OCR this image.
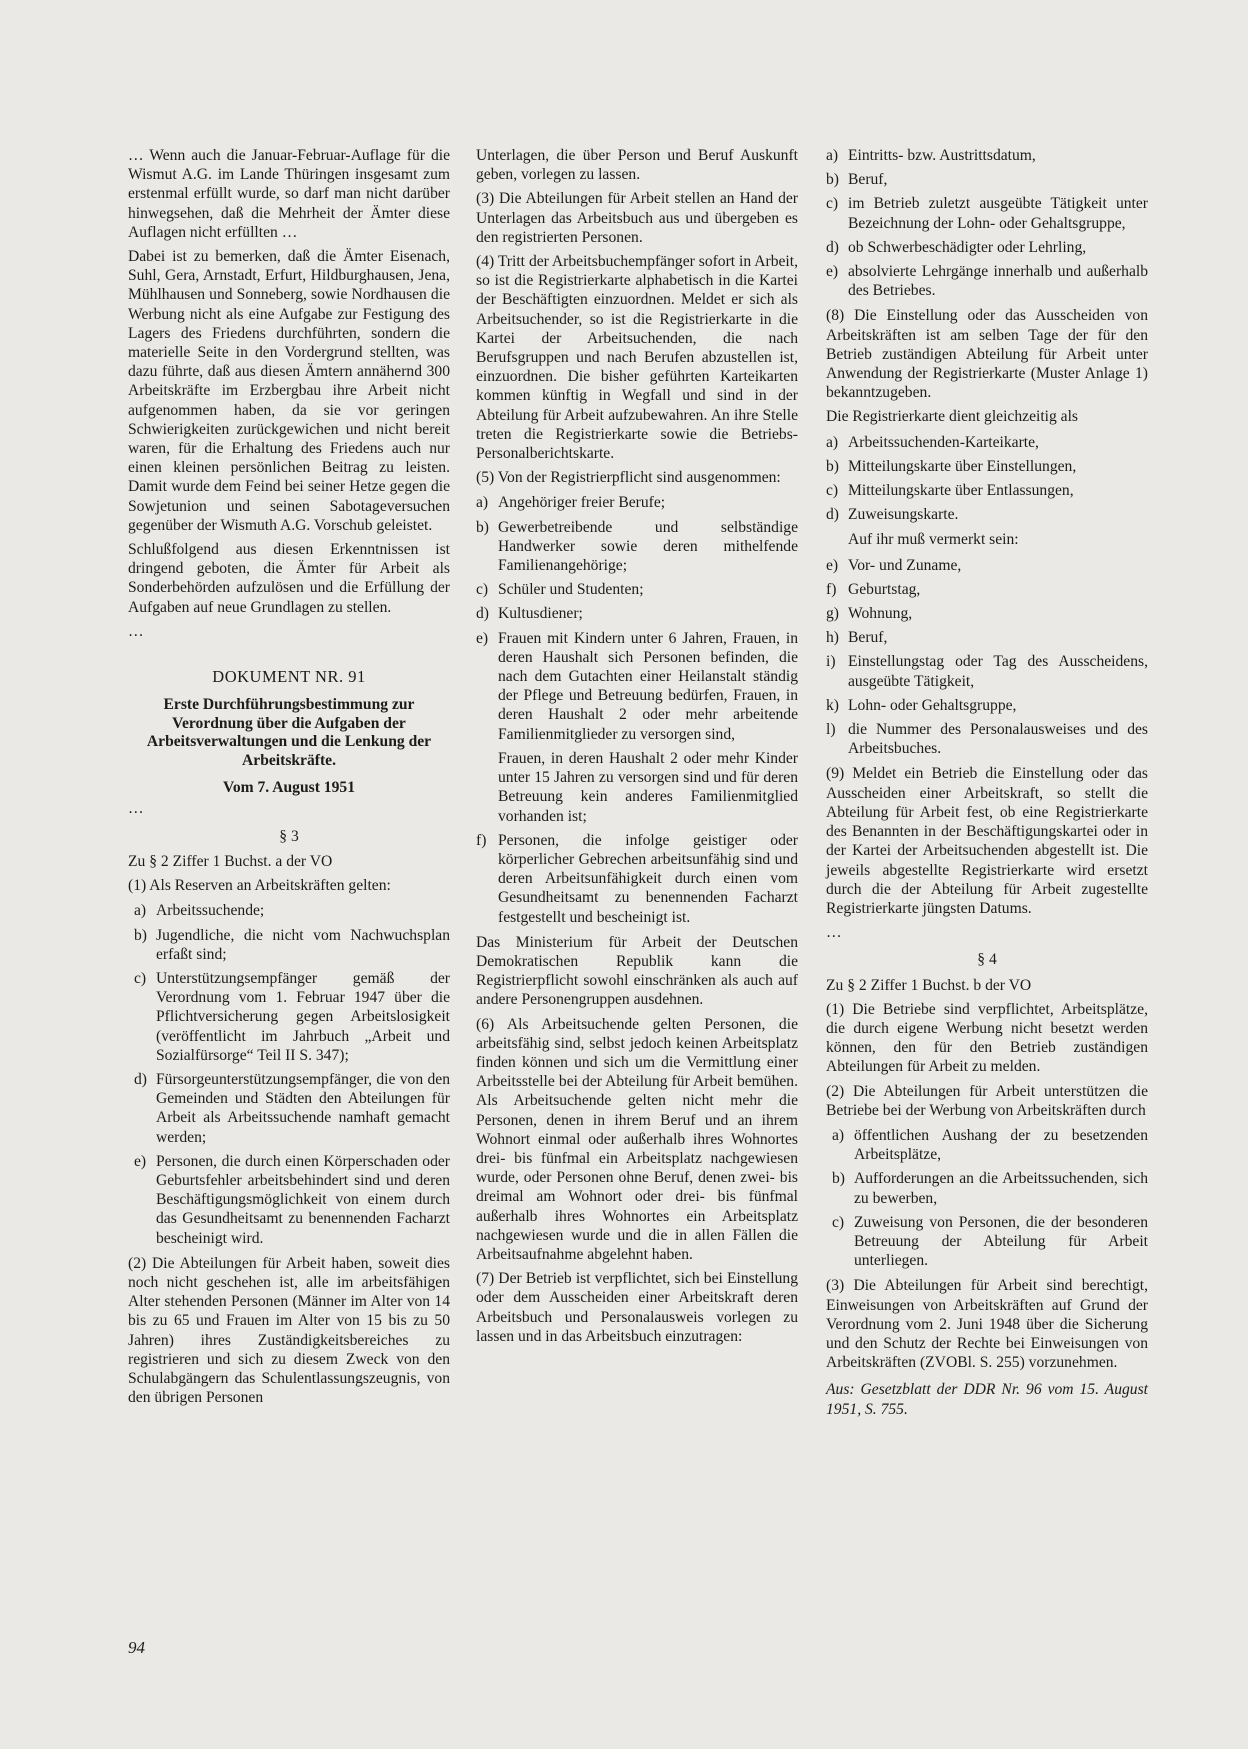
… Wenn auch die Januar-Februar-Auflage für die Wismut A.G. im Lande Thüringen insgesamt zum erstenmal erfüllt wurde, so darf man nicht darüber hinwegsehen, daß die Mehrheit der Ämter diese Auflagen nicht erfüllten …

Dabei ist zu bemerken, daß die Ämter Eisenach, Suhl, Gera, Arnstadt, Erfurt, Hildburghausen, Jena, Mühlhausen und Sonneberg, sowie Nordhausen die Werbung nicht als eine Aufgabe zur Festigung des Lagers des Friedens durchführten, sondern die materielle Seite in den Vordergrund stellten, was dazu führte, daß aus diesen Ämtern annähernd 300 Arbeitskräfte im Erzbergbau ihre Arbeit nicht aufgenommen haben, da sie vor geringen Schwierigkeiten zurückgewichen und nicht bereit waren, für die Erhaltung des Friedens auch nur einen kleinen persönlichen Beitrag zu leisten. Damit wurde dem Feind bei seiner Hetze gegen die Sowjetunion und seinen Sabotageversuchen gegenüber der Wismuth A.G. Vorschub geleistet.

Schlußfolgend aus diesen Erkenntnissen ist dringend geboten, die Ämter für Arbeit als Sonderbehörden aufzulösen und die Erfüllung der Aufgaben auf neue Grundlagen zu stellen.

…

DOKUMENT NR. 91

Erste Durchführungsbestimmung zur Verordnung über die Aufgaben der Arbeitsverwaltungen und die Lenkung der Arbeitskräfte.

Vom 7. August 1951

…

§ 3

Zu § 2 Ziffer 1 Buchst. a der VO

(1) Als Reserven an Arbeitskräften gelten:

a) Arbeitssuchende;
b) Jugendliche, die nicht vom Nachwuchsplan erfaßt sind;
c) Unterstützungsempfänger gemäß der Verordnung vom 1. Februar 1947 über die Pflichtversicherung gegen Arbeitslosigkeit (veröffentlicht im Jahrbuch „Arbeit und Sozialfürsorge“ Teil II S. 347);
d) Fürsorgeunterstützungsempfänger, die von den Gemeinden und Städten den Abteilungen für Arbeit als Arbeitssuchende namhaft gemacht werden;
e) Personen, die durch einen Körperschaden oder Geburtsfehler arbeitsbehindert sind und deren Beschäftigungsmöglichkeit von einem durch das Gesundheitsamt zu benennenden Facharzt bescheinigt wird.

(2) Die Abteilungen für Arbeit haben, soweit dies noch nicht geschehen ist, alle im arbeitsfähigen Alter stehenden Personen (Männer im Alter von 14 bis zu 65 und Frauen im Alter von 15 bis zu 50 Jahren) ihres Zuständigkeitsbereiches zu registrieren und sich zu diesem Zweck von den Schulabgängern das Schulentlassungszeugnis, von den übrigen Personen

Unterlagen, die über Person und Beruf Auskunft geben, vorlegen zu lassen.

(3) Die Abteilungen für Arbeit stellen an Hand der Unterlagen das Arbeitsbuch aus und übergeben es den registrierten Personen.

(4) Tritt der Arbeitsbuchempfänger sofort in Arbeit, so ist die Registrierkarte alphabetisch in die Kartei der Beschäftigten einzuordnen. Meldet er sich als Arbeitsuchender, so ist die Registrierkarte in die Kartei der Arbeitsuchenden, die nach Berufsgruppen und nach Berufen abzustellen ist, einzuordnen. Die bisher geführten Karteikarten kommen künftig in Wegfall und sind in der Abteilung für Arbeit aufzubewahren. An ihre Stelle treten die Registrierkarte sowie die Betriebs-Personalberichtskarte.

(5) Von der Registrierpflicht sind ausgenommen:

a) Angehöriger freier Berufe;
b) Gewerbetreibende und selbständige Handwerker sowie deren mithelfende Familienangehörige;
c) Schüler und Studenten;
d) Kultusdiener;
e) Frauen mit Kindern unter 6 Jahren, Frauen, in deren Haushalt sich Personen befinden, die nach dem Gutachten einer Heilanstalt ständig der Pflege und Betreuung bedürfen, Frauen, in deren Haushalt 2 oder mehr arbeitende Familienmitglieder zu versorgen sind,
Frauen, in deren Haushalt 2 oder mehr Kinder unter 15 Jahren zu versorgen sind und für deren Betreuung kein anderes Familienmitglied vorhanden ist;
f) Personen, die infolge geistiger oder körperlicher Gebrechen arbeitsunfähig sind und deren Arbeitsunfähigkeit durch einen vom Gesundheitsamt zu benennenden Facharzt festgestellt und bescheinigt ist.

Das Ministerium für Arbeit der Deutschen Demokratischen Republik kann die Registrierpflicht sowohl einschränken als auch auf andere Personengruppen ausdehnen.

(6) Als Arbeitsuchende gelten Personen, die arbeitsfähig sind, selbst jedoch keinen Arbeitsplatz finden können und sich um die Vermittlung einer Arbeitsstelle bei der Abteilung für Arbeit bemühen. Als Arbeitsuchende gelten nicht mehr die Personen, denen in ihrem Beruf und an ihrem Wohnort einmal oder außerhalb ihres Wohnortes drei- bis fünfmal ein Arbeitsplatz nachgewiesen wurde, oder Personen ohne Beruf, denen zwei- bis dreimal am Wohnort oder drei- bis fünfmal außerhalb ihres Wohnortes ein Arbeitsplatz nachgewiesen wurde und die in allen Fällen die Arbeitsaufnahme abgelehnt haben.

(7) Der Betrieb ist verpflichtet, sich bei Einstellung oder dem Ausscheiden einer Arbeitskraft deren Arbeitsbuch und Personalausweis vorlegen zu lassen und in das Arbeitsbuch einzutragen:

a) Eintritts- bzw. Austrittsdatum,
b) Beruf,
c) im Betrieb zuletzt ausgeübte Tätigkeit unter Bezeichnung der Lohn- oder Gehaltsgruppe,
d) ob Schwerbeschädigter oder Lehrling,
e) absolvierte Lehrgänge innerhalb und außerhalb des Betriebes.

(8) Die Einstellung oder das Ausscheiden von Arbeitskräften ist am selben Tage der für den Betrieb zuständigen Abteilung für Arbeit unter Anwendung der Registrierkarte (Muster Anlage 1) bekanntzugeben.

Die Registrierkarte dient gleichzeitig als

a) Arbeitssuchenden-Karteikarte,
b) Mitteilungskarte über Einstellungen,
c) Mitteilungskarte über Entlassungen,
d) Zuweisungskarte.

Auf ihr muß vermerkt sein:

e) Vor- und Zuname,
f) Geburtstag,
g) Wohnung,
h) Beruf,
i) Einstellungstag oder Tag des Ausscheidens, ausgeübte Tätigkeit,
k) Lohn- oder Gehaltsgruppe,
l) die Nummer des Personalausweises und des Arbeitsbuches.

(9) Meldet ein Betrieb die Einstellung oder das Ausscheiden einer Arbeitskraft, so stellt die Abteilung für Arbeit fest, ob eine Registrierkarte des Benannten in der Beschäftigungskartei oder in der Kartei der Arbeitsuchenden abgestellt ist. Die jeweils abgestellte Registrierkarte wird ersetzt durch die der Abteilung für Arbeit zugestellte Registrierkarte jüngsten Datums.

…

§ 4

Zu § 2 Ziffer 1 Buchst. b der VO

(1) Die Betriebe sind verpflichtet, Arbeitsplätze, die durch eigene Werbung nicht besetzt werden können, den für den Betrieb zuständigen Abteilungen für Arbeit zu melden.

(2) Die Abteilungen für Arbeit unterstützen die Betriebe bei der Werbung von Arbeitskräften durch

a) öffentlichen Aushang der zu besetzenden Arbeitsplätze,
b) Aufforderungen an die Arbeitssuchenden, sich zu bewerben,
c) Zuweisung von Personen, die der besonderen Betreuung der Abteilung für Arbeit unterliegen.

(3) Die Abteilungen für Arbeit sind berechtigt, Einweisungen von Arbeitskräften auf Grund der Verordnung vom 2. Juni 1948 über die Sicherung und den Schutz der Rechte bei Einweisungen von Arbeitskräften (ZVOBl. S. 255) vorzunehmen.

Aus: Gesetzblatt der DDR Nr. 96 vom 15. August 1951, S. 755.

94
